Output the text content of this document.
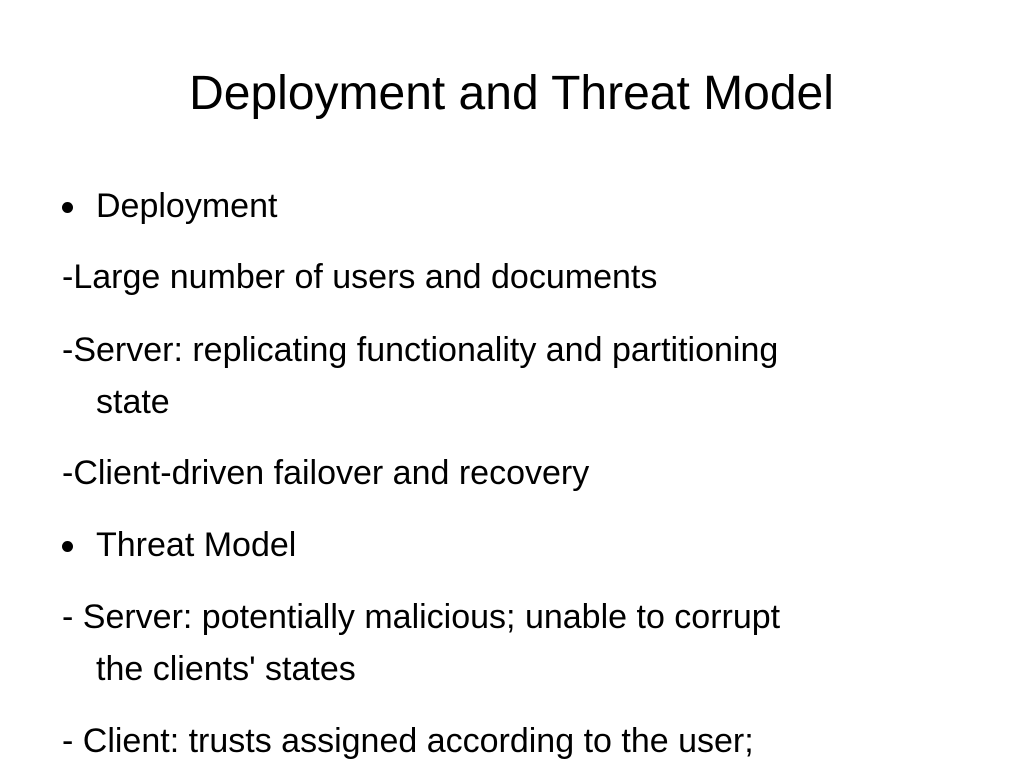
Deployment and Threat Model
Deployment
-Large number of users and documents
-Server: replicating functionality and partitioning
state
-Client-driven failover and recovery
Threat Model
- Server: potentially malicious; unable to corrupt
the clients' states
- Client: trusts assigned according to the user;
